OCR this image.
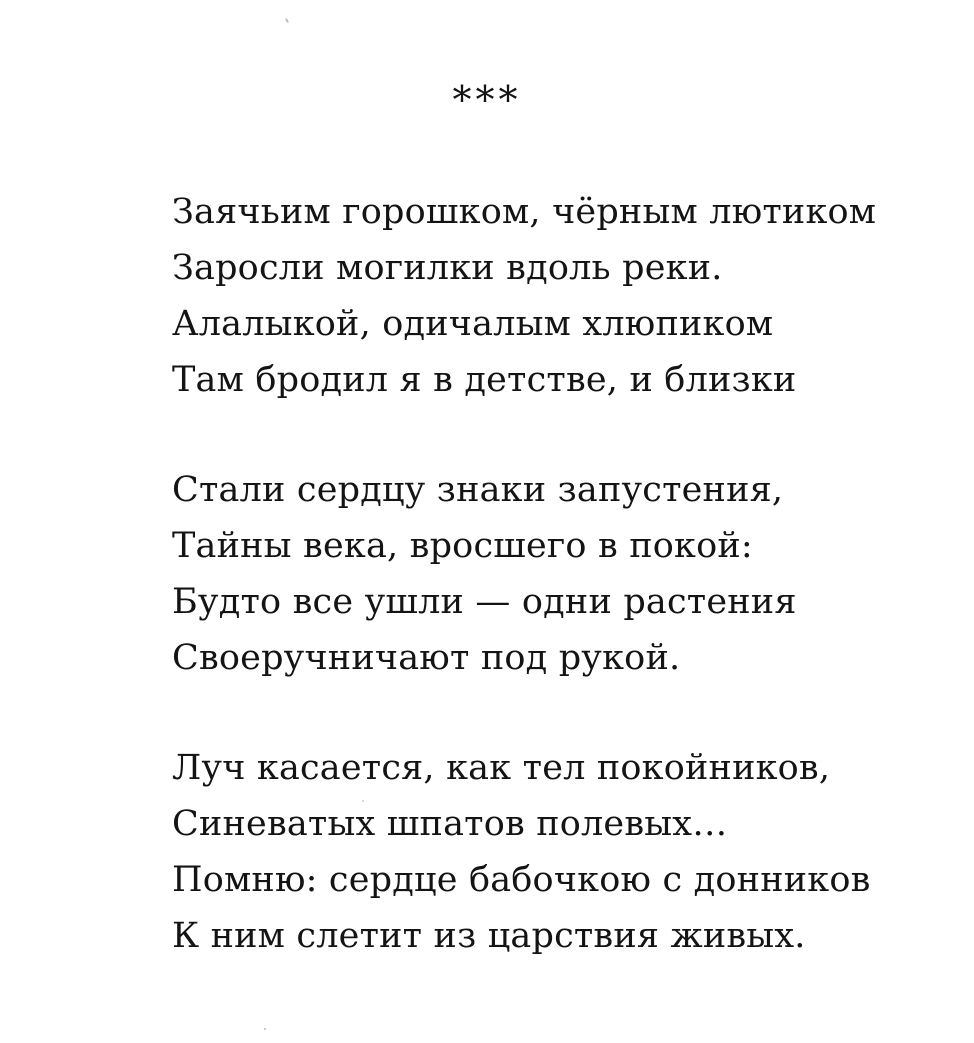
***
Заячьим горошком, чёрным лютиком
Заросли могилки вдоль реки.
Алалыкой, одичалым хлюпиком
Там бродил я в детстве, и близки
Стали сердцу знаки запустения,
Тайны века, вросшего в покой:
Будто все ушли — одни растения
Своеручничают под рукой.
Луч касается, как тел покойников,
Синеватых шпатов полевых…
Помню: сердце бабочкою с донников
К ним слетит из царствия живых.
